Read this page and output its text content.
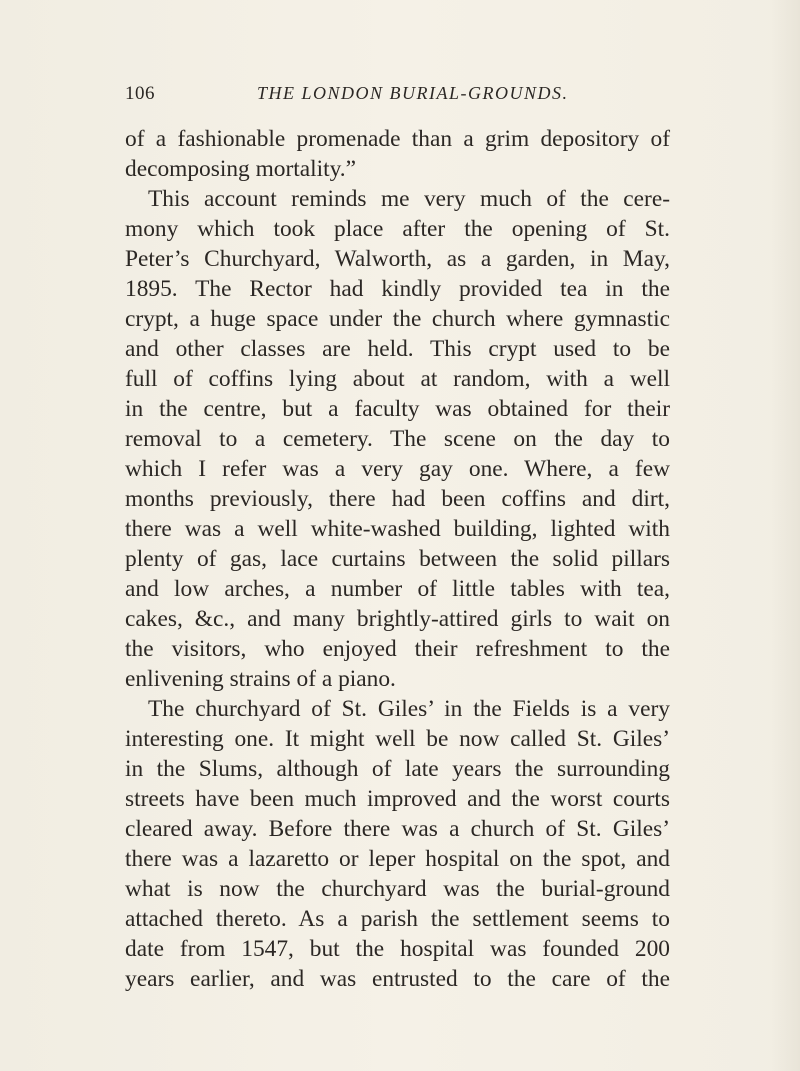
106	THE LONDON BURIAL-GROUNDS.
of a fashionable promenade than a grim depository of
decomposing mortality.”
This account reminds me very much of the cere-
mony which took place after the opening of St.
Peter’s Churchyard, Walworth, as a garden, in May,
1895. The Rector had kindly provided tea in the
crypt, a huge space under the church where gymnastic
and other classes are held. This crypt used to be
full of coffins lying about at random, with a well
in the centre, but a faculty was obtained for their
removal to a cemetery. The scene on the day to
which I refer was a very gay one. Where, a few
months previously, there had been coffins and dirt,
there was a well white-washed building, lighted with
plenty of gas, lace curtains between the solid pillars
and low arches, a number of little tables with tea,
cakes, &c., and many brightly-attired girls to wait on
the visitors, who enjoyed their refreshment to the
enlivening strains of a piano.
The churchyard of St. Giles’ in the Fields is a very
interesting one. It might well be now called St. Giles’
in the Slums, although of late years the surrounding
streets have been much improved and the worst courts
cleared away. Before there was a church of St. Giles’
there was a lazaretto or leper hospital on the spot, and
what is now the churchyard was the burial-ground
attached thereto. As a parish the settlement seems to
date from 1547, but the hospital was founded 200
years earlier, and was entrusted to the care of the
